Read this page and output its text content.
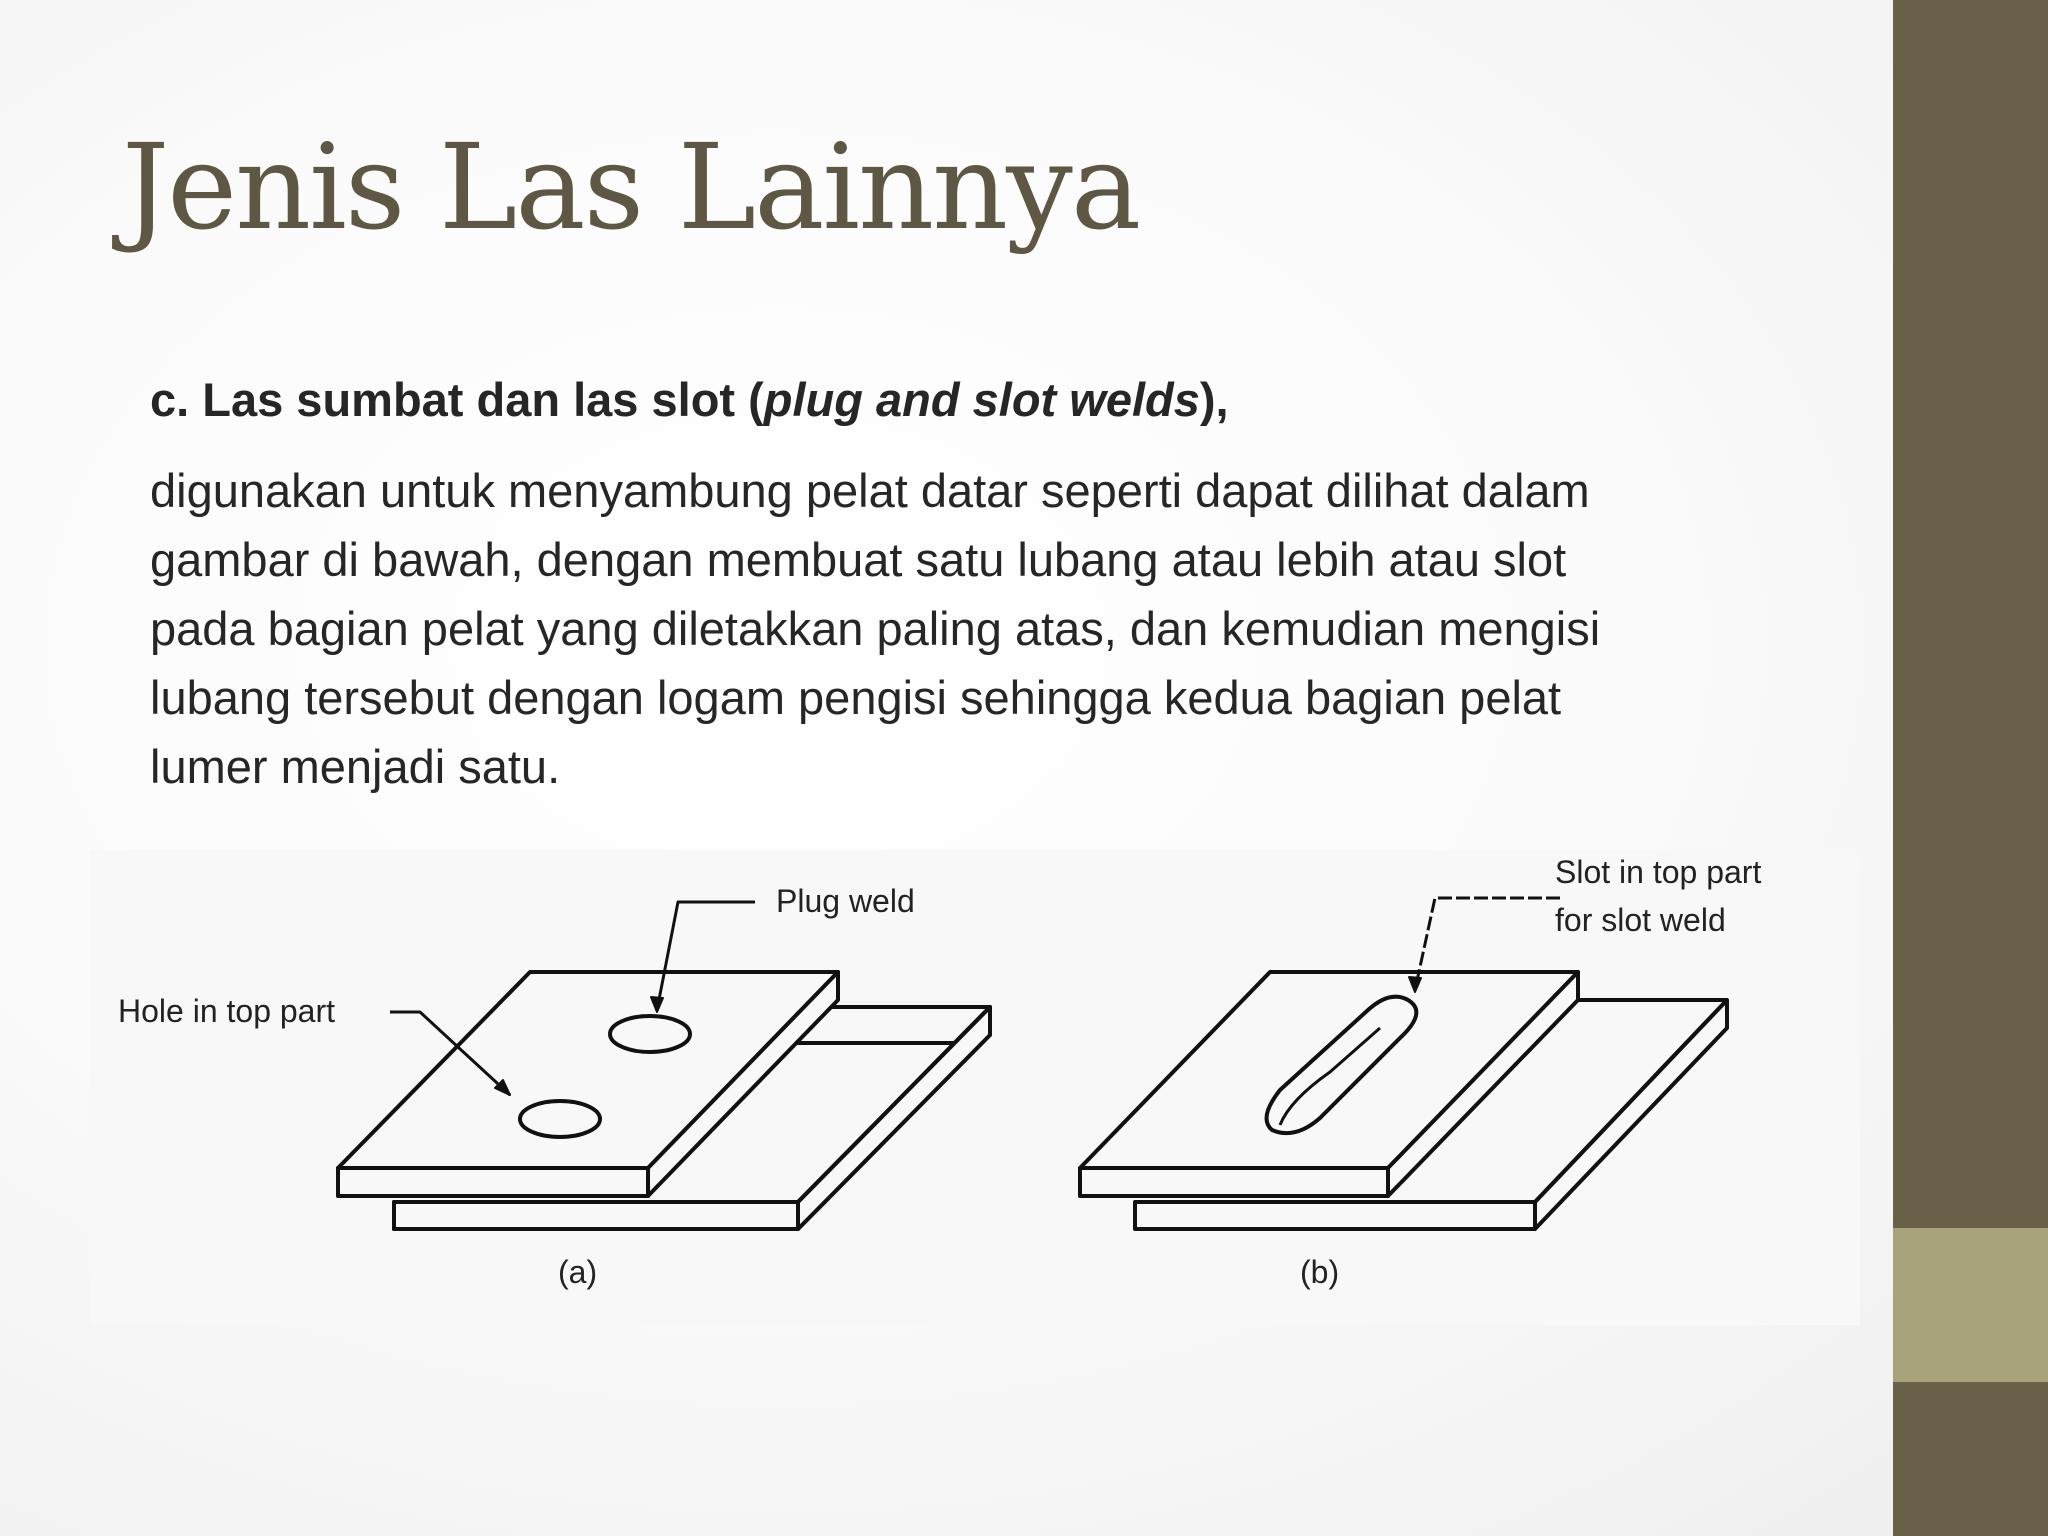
Jenis Las Lainnya

c. Las sumbat dan las slot (plug and slot welds),

digunakan untuk menyambung pelat datar seperti dapat dilihat dalam
gambar di bawah, dengan membuat satu lubang atau lebih atau slot
pada bagian pelat yang diletakkan paling atas, dan kemudian mengisi
lubang tersebut dengan logam pengisi sehingga kedua bagian pelat
lumer menjadi satu.

Hole in top part
Plug weld
(a)
Slot in top part
for slot weld
(b)
